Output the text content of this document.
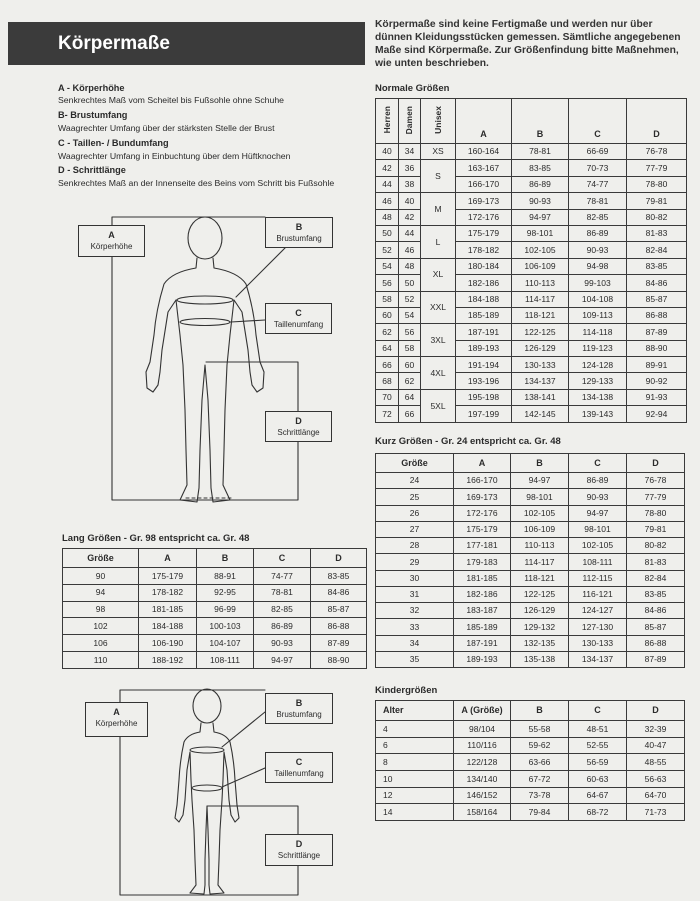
Körpermaße
Körpermaße sind keine Fertigmaße und werden nur über
dünnen Kleidungsstücken gemessen. Sämtliche angegebenen
Maße sind Körpermaße. Zur Größenfindung bitte Maßnehmen,
wie unten beschrieben.
A - Körperhöhe
Senkrechtes Maß vom Scheitel bis Fußsohle ohne Schuhe
B- Brustumfang
Waagrechter Umfang über der stärksten Stelle der Brust
C - Taillen- / Bundumfang
Waagrechter Umfang in Einbuchtung über dem Hüftknochen
D - Schrittlänge
Senkrechtes Maß an der Innenseite des Beins vom Schritt bis Fußsohle
A
Körperhöhe
B
Brustumfang
C
Taillenumfang
D
Schrittlänge
A
Körperhöhe
B
Brustumfang
C
Taillenumfang
D
Schrittlänge
Normale Größen
Kurz Größen - Gr. 24 entspricht ca. Gr. 48
Lang Größen - Gr. 98 entspricht ca. Gr. 48
Kindergrößen
Herren	Damen	Unisex	A	B	C	D
40	34	XS	160-164	78-81	66-69	76-78
42	36	S	163-167	83-85	70-73	77-79
44	38		166-170	86-89	74-77	78-80
46	40	M	169-173	90-93	78-81	79-81
48	42		172-176	94-97	82-85	80-82
50	44	L	175-179	98-101	86-89	81-83
52	46		178-182	102-105	90-93	82-84
54	48	XL	180-184	106-109	94-98	83-85
56	50		182-186	110-113	99-103	84-86
58	52	XXL	184-188	114-117	104-108	85-87
60	54		185-189	118-121	109-113	86-88
62	56	3XL	187-191	122-125	114-118	87-89
64	58		189-193	126-129	119-123	88-90
66	60	4XL	191-194	130-133	124-128	89-91
68	62		193-196	134-137	129-133	90-92
70	64	5XL	195-198	138-141	134-138	91-93
72	66		197-199	142-145	139-143	92-94
Größe	A	B	C	D
24	166-170	94-97	86-89	76-78
25	169-173	98-101	90-93	77-79
26	172-176	102-105	94-97	78-80
27	175-179	106-109	98-101	79-81
28	177-181	110-113	102-105	80-82
29	179-183	114-117	108-111	81-83
30	181-185	118-121	112-115	82-84
31	182-186	122-125	116-121	83-85
32	183-187	126-129	124-127	84-86
33	185-189	129-132	127-130	85-87
34	187-191	132-135	130-133	86-88
35	189-193	135-138	134-137	87-89
Größe	A	B	C	D
90	175-179	88-91	74-77	83-85
94	178-182	92-95	78-81	84-86
98	181-185	96-99	82-85	85-87
102	184-188	100-103	86-89	86-88
106	106-190	104-107	90-93	87-89
110	188-192	108-111	94-97	88-90
Alter	A (Größe)	B	C	D
4	98/104	55-58	48-51	32-39
6	110/116	59-62	52-55	40-47
8	122/128	63-66	56-59	48-55
10	134/140	67-72	60-63	56-63
12	146/152	73-78	64-67	64-70
14	158/164	79-84	68-72	71-73
